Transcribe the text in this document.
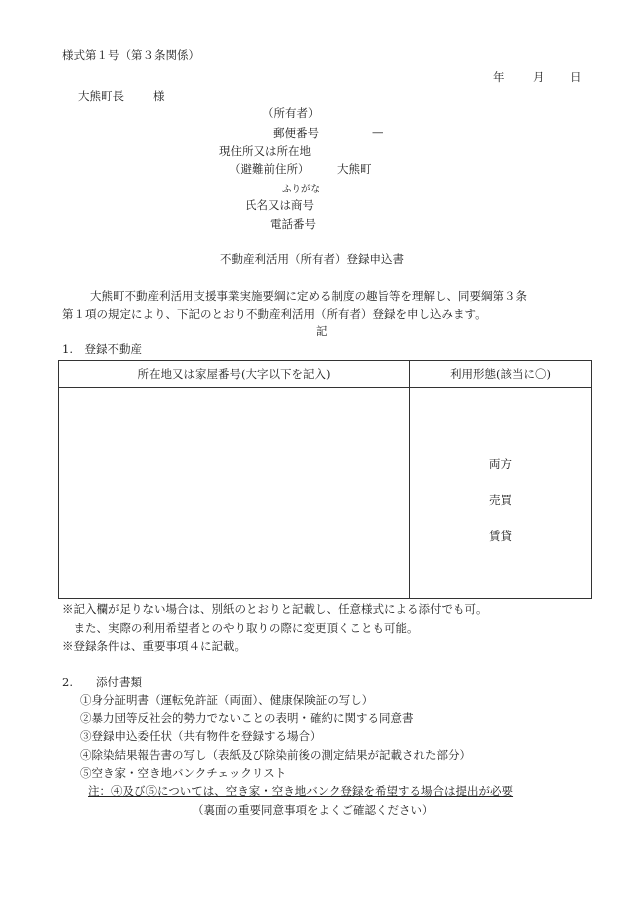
様式第１号（第３条関係）
年 月 日
大熊町長	様
（所有者）
郵便番号	—
現住所又は所在地
（避難前住所） 大熊町
ふりがな
氏名又は商号
電話番号
不動産利活用（所有者）登録申込書
大熊町不動産利活用支援事業実施要綱に定める制度の趣旨等を理解し、同要綱第３条
第１項の規定により、下記のとおり不動産利活用（所有者）登録を申し込みます。
記
1.　登録不動産
所在地又は家屋番号(大字以下を記入)	利用形態(該当に〇)

	両方
売買
賃貸
※記入欄が足りない場合は、別紙のとおりと記載し、任意様式による添付でも可。
　また、実際の利用希望者とのやり取りの際に変更頂くことも可能。
※登録条件は、重要事項４に記載。
2.　　添付書類
①身分証明書（運転免許証（両面）、健康保険証の写し）
②暴力団等反社会的勢力でないことの表明・確約に関する同意書
③登録申込委任状（共有物件を登録する場合）
④除染結果報告書の写し（表紙及び除染前後の測定結果が記載された部分）
⑤空き家・空き地バンクチェックリスト
注：④及び⑤については、空き家・空き地バンク登録を希望する場合は提出が必要
（裏面の重要同意事項をよくご確認ください）
